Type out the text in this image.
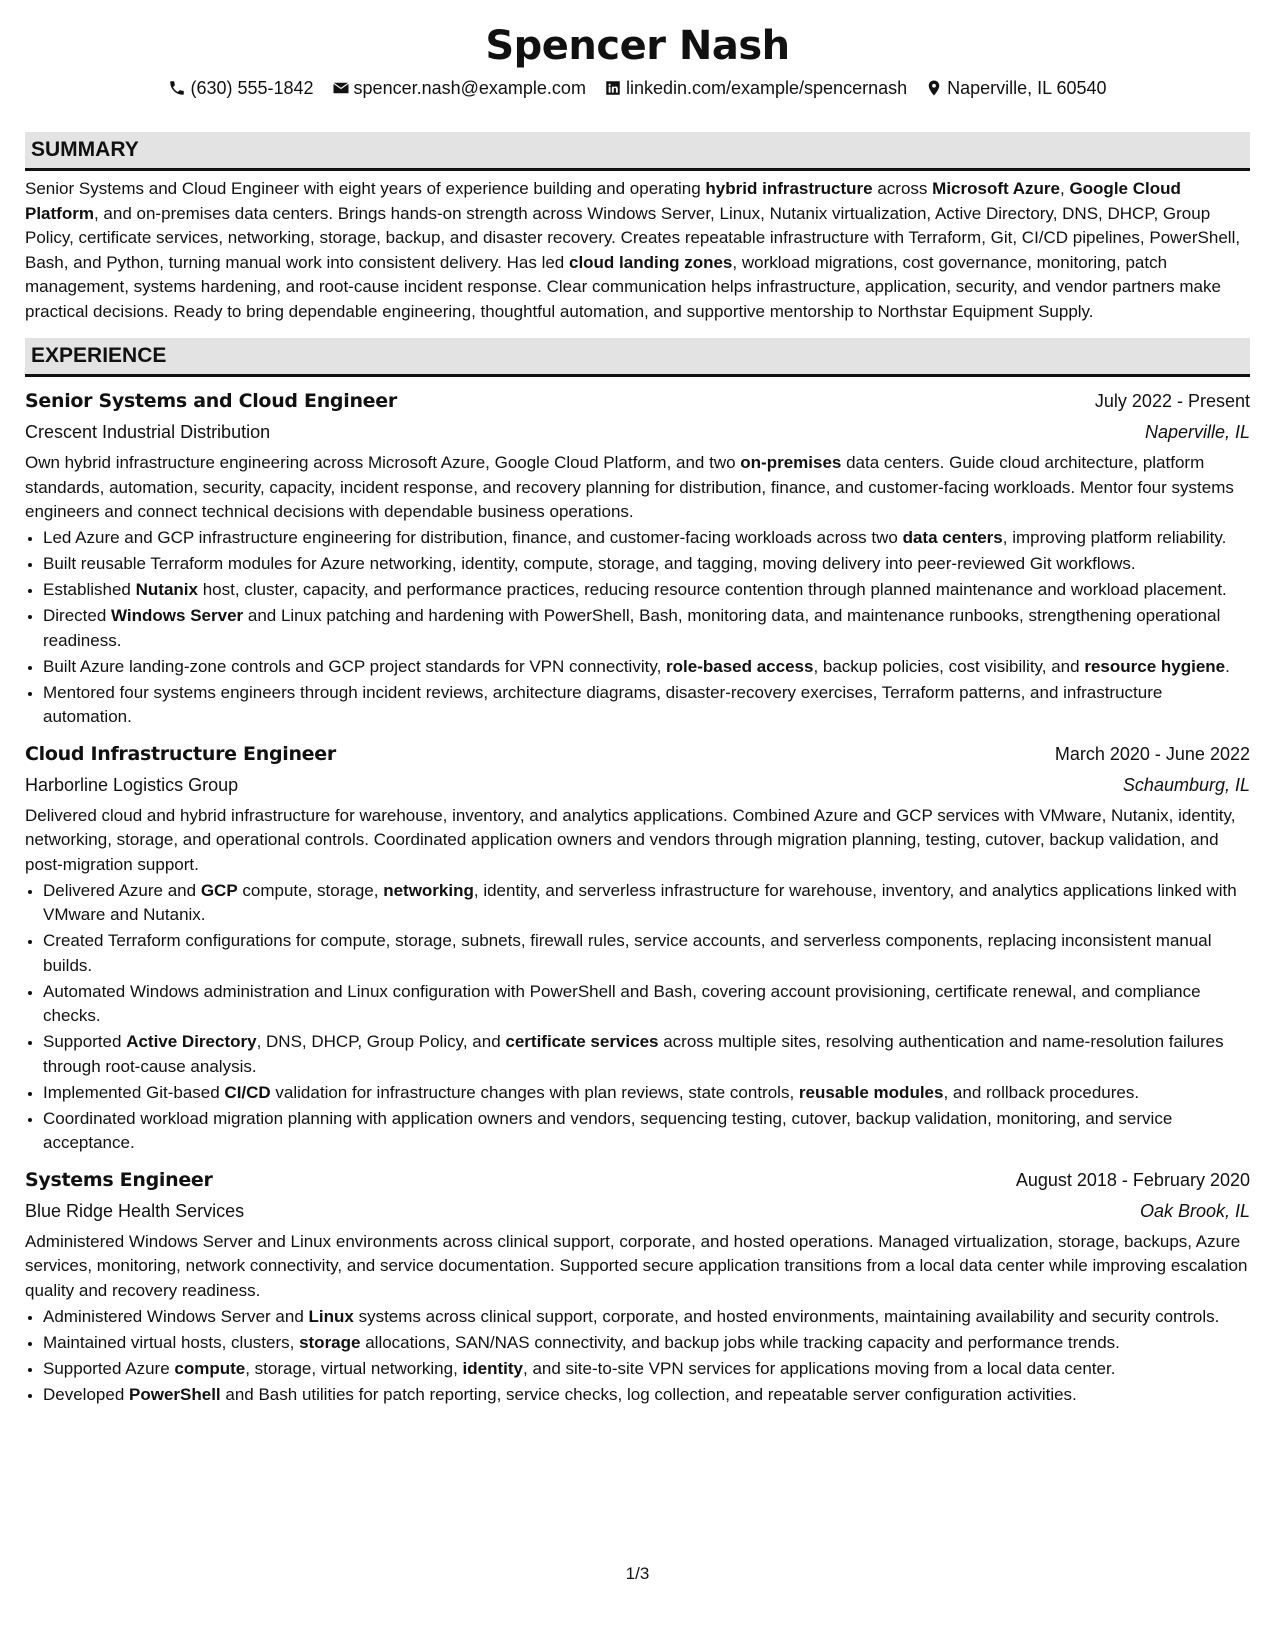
Spencer Nash
(630) 555-1842 spencer.nash@example.com linkedin.com/example/spencernash Naperville, IL 60540
SUMMARY

Senior Systems and Cloud Engineer with eight years of experience building and operating hybrid infrastructure across Microsoft Azure, Google Cloud Platform, and on-premises data centers. Brings hands-on strength across Windows Server, Linux, Nutanix virtualization, Active Directory, DNS, DHCP, Group Policy, certificate services, networking, storage, backup, and disaster recovery. Creates repeatable infrastructure with Terraform, Git, CI/CD pipelines, PowerShell, Bash, and Python, turning manual work into consistent delivery. Has led cloud landing zones, workload migrations, cost governance, monitoring, patch management, systems hardening, and root-cause incident response. Clear communication helps infrastructure, application, security, and vendor partners make practical decisions. Ready to bring dependable engineering, thoughtful automation, and supportive mentorship to Northstar Equipment Supply.

EXPERIENCE
Senior Systems and Cloud Engineer	July 2022 - Present
Crescent Industrial Distribution	Naperville, IL

Own hybrid infrastructure engineering across Microsoft Azure, Google Cloud Platform, and two on-premises data centers. Guide cloud architecture, platform standards, automation, security, capacity, incident response, and recovery planning for distribution, finance, and customer-facing workloads. Mentor four systems engineers and connect technical decisions with dependable business operations.

• Led Azure and GCP infrastructure engineering for distribution, finance, and customer-facing workloads across two data centers, improving platform reliability.
• Built reusable Terraform modules for Azure networking, identity, compute, storage, and tagging, moving delivery into peer-reviewed Git workflows.
• Established Nutanix host, cluster, capacity, and performance practices, reducing resource contention through planned maintenance and workload placement.
• Directed Windows Server and Linux patching and hardening with PowerShell, Bash, monitoring data, and maintenance runbooks, strengthening operational readiness.
• Built Azure landing-zone controls and GCP project standards for VPN connectivity, role-based access, backup policies, cost visibility, and resource hygiene.
• Mentored four systems engineers through incident reviews, architecture diagrams, disaster-recovery exercises, Terraform patterns, and infrastructure automation.
Cloud Infrastructure Engineer	March 2020 - June 2022
Harborline Logistics Group	Schaumburg, IL

Delivered cloud and hybrid infrastructure for warehouse, inventory, and analytics applications. Combined Azure and GCP services with VMware, Nutanix, identity, networking, storage, and operational controls. Coordinated application owners and vendors through migration planning, testing, cutover, backup validation, and post-migration support.

• Delivered Azure and GCP compute, storage, networking, identity, and serverless infrastructure for warehouse, inventory, and analytics applications linked with VMware and Nutanix.
• Created Terraform configurations for compute, storage, subnets, firewall rules, service accounts, and serverless components, replacing inconsistent manual builds.
• Automated Windows administration and Linux configuration with PowerShell and Bash, covering account provisioning, certificate renewal, and compliance checks.
• Supported Active Directory, DNS, DHCP, Group Policy, and certificate services across multiple sites, resolving authentication and name-resolution failures through root-cause analysis.
• Implemented Git-based CI/CD validation for infrastructure changes with plan reviews, state controls, reusable modules, and rollback procedures.
• Coordinated workload migration planning with application owners and vendors, sequencing testing, cutover, backup validation, monitoring, and service acceptance.
Systems Engineer	August 2018 - February 2020
Blue Ridge Health Services	Oak Brook, IL

Administered Windows Server and Linux environments across clinical support, corporate, and hosted operations. Managed virtualization, storage, backups, Azure services, monitoring, network connectivity, and service documentation. Supported secure application transitions from a local data center while improving escalation quality and recovery readiness.

• Administered Windows Server and Linux systems across clinical support, corporate, and hosted environments, maintaining availability and security controls.
• Maintained virtual hosts, clusters, storage allocations, SAN/NAS connectivity, and backup jobs while tracking capacity and performance trends.
• Supported Azure compute, storage, virtual networking, identity, and site-to-site VPN services for applications moving from a local data center.
• Developed PowerShell and Bash utilities for patch reporting, service checks, log collection, and repeatable server configuration activities.
1/3
